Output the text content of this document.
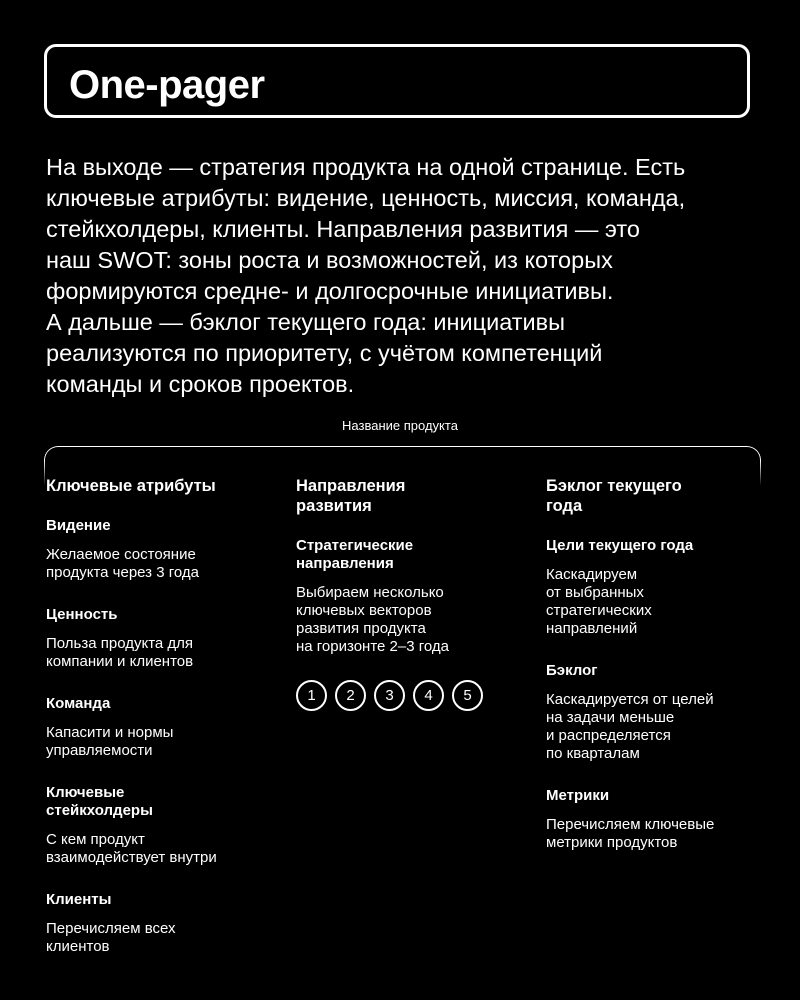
One-pager

На выходе — стратегия продукта на одной странице. Есть
ключевые атрибуты: видение, ценность, миссия, команда,
стейкхолдеры, клиенты. Направления развития — это
наш SWOT: зоны роста и возможностей, из которых
формируются средне- и долгосрочные инициативы.
А дальше — бэклог текущего года: инициативы
реализуются по приоритету, с учётом компетенций
команды и сроков проектов.

Название продукта
Ключевые атрибуты
Видение
Желаемое состояние
продукта через 3 года
Ценность
Польза продукта для
компании и клиентов
Команда
Капасити и нормы
управляемости
Ключевые
стейкхолдеры
С кем продукт
взаимодействует внутри
Клиенты
Перечисляем всех
клиентов
Направления
развития
Стратегические
направления
Выбираем несколько
ключевых векторов
развития продукта
на горизонте 2–3 года
1	2	3	4	5
Бэклог текущего
года
Цели текущего года
Каскадируем
от выбранных
стратегических
направлений
Бэклог
Каскадируется от целей
на задачи меньше
и распределяется
по кварталам
Метрики
Перечисляем ключевые
метрики продуктов
